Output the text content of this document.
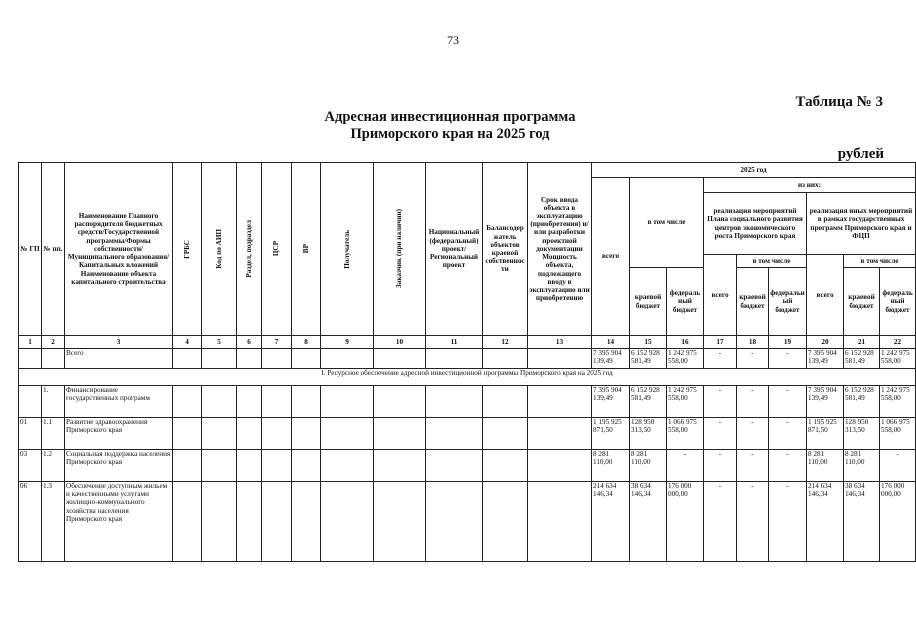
73
Таблица № 3
Адресная инвестиционная программа
Приморского края на 2025 год
рублей
№ ГП	№ пп.	Наименование Главного распорядителя бюджетных средств/Государственной программы/Формы собственности/Муниципального образования/Капитальных вложений Наименование объекта капитального строительства	ГРБС	Код по АИП	Раздел, подраздел	ЦСР	ВР	Получатель	Заказчик (при наличии)	Национальный (федеральный) проект/ Региональный проект	Балансодержатель объектов краевой собственности	Срок ввода объекта в эксплуатацию (приобретения) и/или разработки проектной документации Мощность объекта, подлежащего вводу в эксплуатацию или приобретению	2025 год								
													всего	в том числе		из них:					
																реализация мероприятий Плана социального развития центров экономического роста Приморского края			реализация иных мероприятий в рамках государственных программ Приморского края и ФЦП		
																всего	в том числе		всего	в том числе	
														краевой бюджет	федеральный бюджет		краевой бюджет	федеральный бюджет		краевой бюджет	федеральный бюджет

1	2	3	4	5	6	7	8	9	10	11	12	13	14	15	16	17	18	19	20	21	22
		Всего											7 395 904 139,49	6 152 928 581,49	1 242 975 558,00	-	-	-	7 395 904 139,49	6 152 928 581,49	1 242 975 558,00
I. Ресурсное обеспечение адресной инвестиционной программы Приморского края на 2025 год																					
	1.	Финансирование государственных программ											7 395 904 139,49	6 152 928 581,49	1 242 975 558,00	-	-	-	7 395 904 139,49	6 152 928 581,49	1 242 975 558,00
01	1.1	Развитие здравоохранения Приморского края											1 195 925 871,50	128 950 313,50	1 066 975 558,00	-	-	-	1 195 925 871,50	128 950 313,50	1 066 975 558,00
03	1.2	Социальная поддержка населения Приморского края											8 281 110,00	8 281 110,00	-	-	-	-	8 281 110,00	8 281 110,00	-
06	1.3	Обеспечение доступным жильем и качественными услугами жилищно-коммунального хозяйства населения Приморского края											214 634 146,34	38 634 146,34	176 000 000,00	-	-	-	214 634 146,34	38 634 146,34	176 000 000,00
